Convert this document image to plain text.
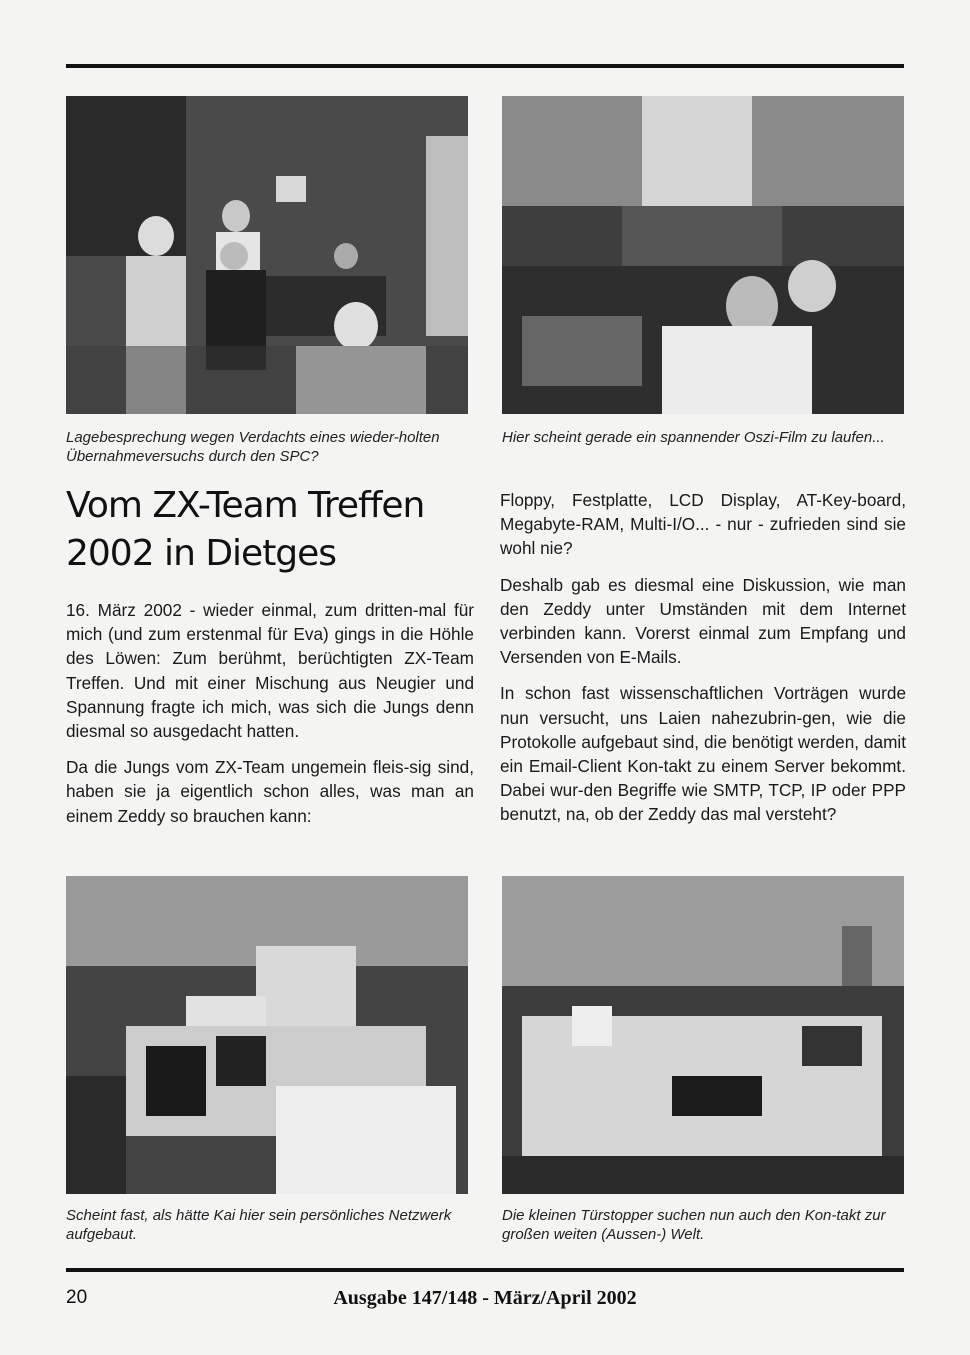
Lagebesprechung wegen Verdachts eines wieder-holten Übernahmeversuchs durch den SPC?
Hier scheint gerade ein spannender Oszi-Film zu laufen...
Vom ZX-Team Treffen 2002 in Dietges

16. März 2002 - wieder einmal, zum dritten-mal für mich (und zum erstenmal für Eva) gings in die Höhle des Löwen: Zum berühmt, berüchtigten ZX-Team Treffen. Und mit einer Mischung aus Neugier und Spannung fragte ich mich, was sich die Jungs denn diesmal so ausgedacht hatten.

Da die Jungs vom ZX-Team ungemein fleis-sig sind, haben sie ja eigentlich schon alles, was man an einem Zeddy so brauchen kann:

Floppy, Festplatte, LCD Display, AT-Key-board, Megabyte-RAM, Multi-I/O... - nur - zufrieden sind sie wohl nie?

Deshalb gab es diesmal eine Diskussion, wie man den Zeddy unter Umständen mit dem Internet verbinden kann. Vorerst einmal zum Empfang und Versenden von E-Mails.

In schon fast wissenschaftlichen Vorträgen wurde nun versucht, uns Laien nahezubrin-gen, wie die Protokolle aufgebaut sind, die benötigt werden, damit ein Email-Client Kon-takt zu einem Server bekommt. Dabei wur-den Begriffe wie SMTP, TCP, IP oder PPP benutzt, na, ob der Zeddy das mal versteht?

Scheint fast, als hätte Kai hier sein persönliches Netzwerk aufgebaut.
Die kleinen Türstopper suchen nun auch den Kon-takt zur großen weiten (Aussen-) Welt.
20	Ausgabe 147/148 - März/April 2002
